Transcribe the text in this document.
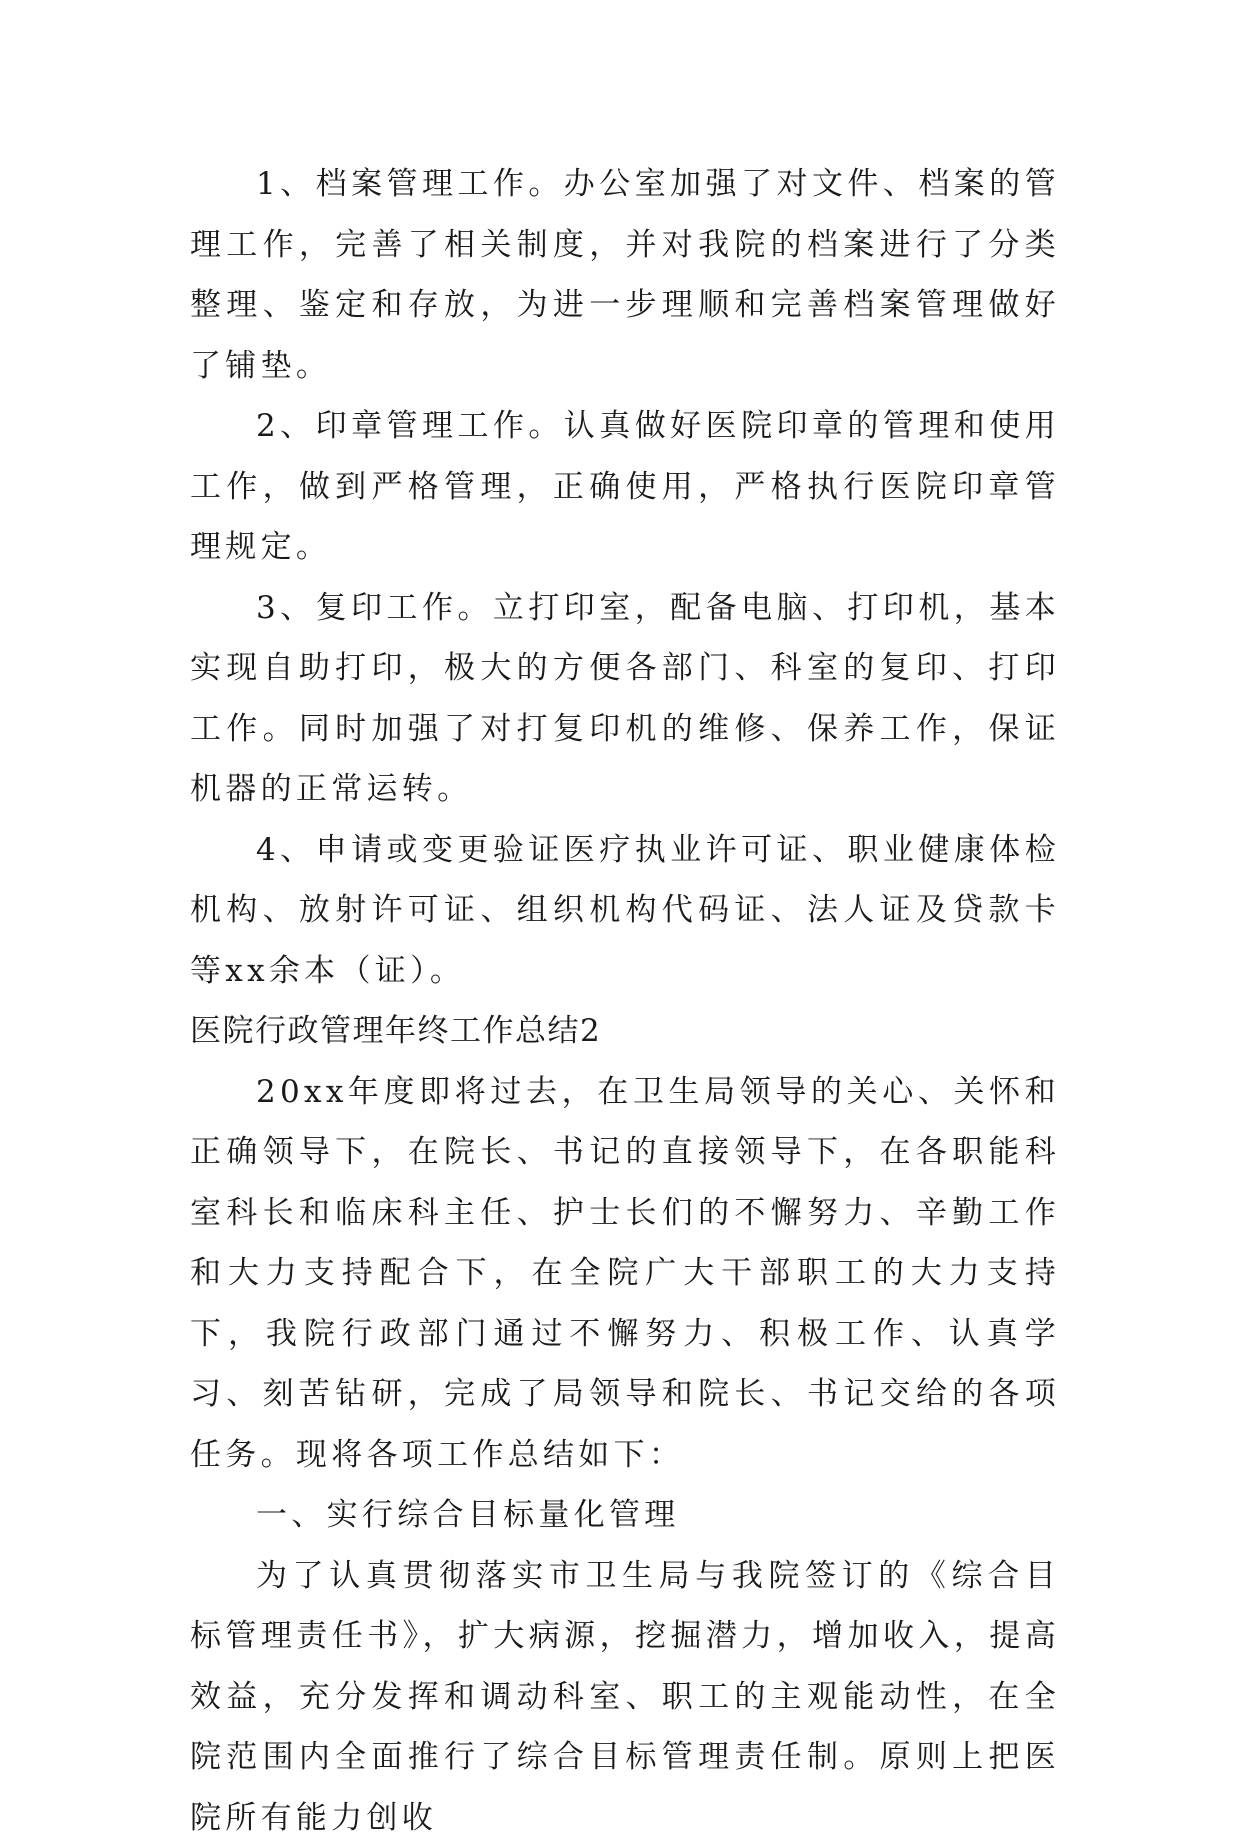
1、档案管理工作。办公室加强了对文件、档案的管理工作，完善了相关制度，并对我院的档案进行了分类整理、鉴定和存放，为进一步理顺和完善档案管理做好了铺垫。

2、印章管理工作。认真做好医院印章的管理和使用工作，做到严格管理，正确使用，严格执行医院印章管理规定。

3、复印工作。立打印室，配备电脑、打印机，基本实现自助打印，极大的方便各部门、科室的复印、打印工作。同时加强了对打复印机的维修、保养工作，保证机器的正常运转。

4、申请或变更验证医疗执业许可证、职业健康体检机构、放射许可证、组织机构代码证、法人证及贷款卡等xx余本（证）。

医院行政管理年终工作总结2

20xx年度即将过去，在卫生局领导的关心、关怀和正确领导下，在院长、书记的直接领导下，在各职能科室科长和临床科主任、护士长们的不懈努力、辛勤工作和大力支持配合下，在全院广大干部职工的大力支持下，我院行政部门通过不懈努力、积极工作、认真学习、刻苦钻研，完成了局领导和院长、书记交给的各项任务。现将各项工作总结如下：

一、实行综合目标量化管理

为了认真贯彻落实市卫生局与我院签订的《综合目标管理责任书》，扩大病源，挖掘潜力，增加收入，提高效益，充分发挥和调动科室、职工的主观能动性，在全院范围内全面推行了综合目标管理责任制。原则上把医院所有能力创收
